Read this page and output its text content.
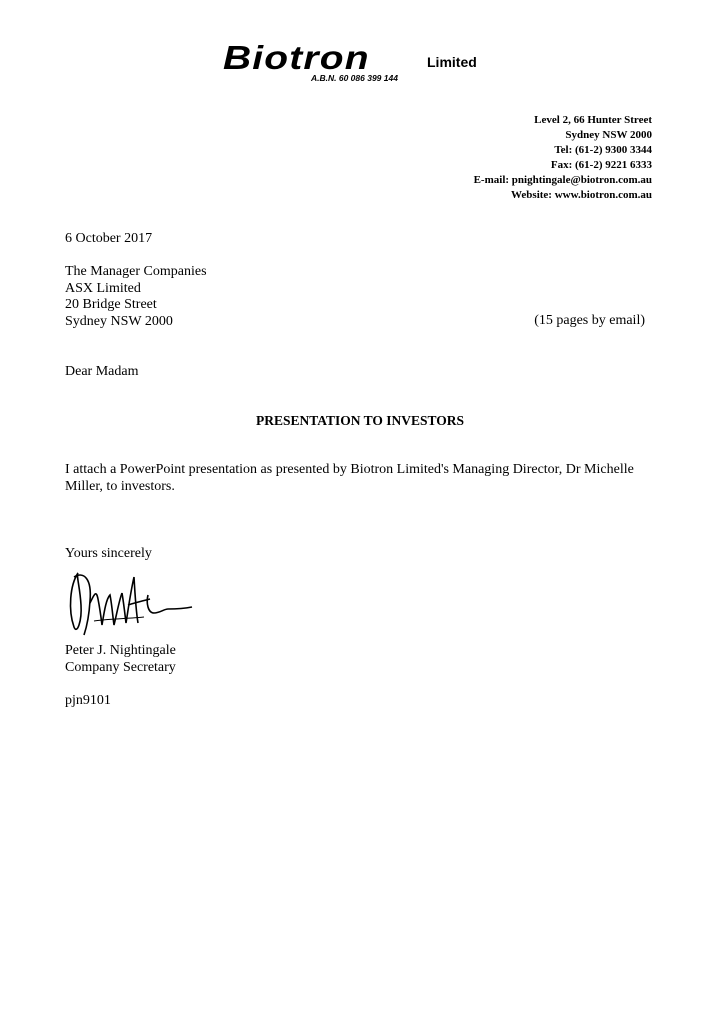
Biotron	Limited
A.B.N. 60 086 399 144
Level 2, 66 Hunter Street
Sydney NSW 2000
Tel: (61-2) 9300 3344
Fax: (61-2) 9221 6333
E-mail: pnightingale@biotron.com.au
Website: www.biotron.com.au
6 October 2017
The Manager Companies
ASX Limited
20 Bridge Street
Sydney NSW 2000	(15 pages by email)
Dear Madam
PRESENTATION TO INVESTORS
I attach a PowerPoint presentation as presented by Biotron Limited's Managing Director, Dr Michelle Miller, to investors.
Yours sincerely
Peter J. Nightingale
Company Secretary
pjn9101
